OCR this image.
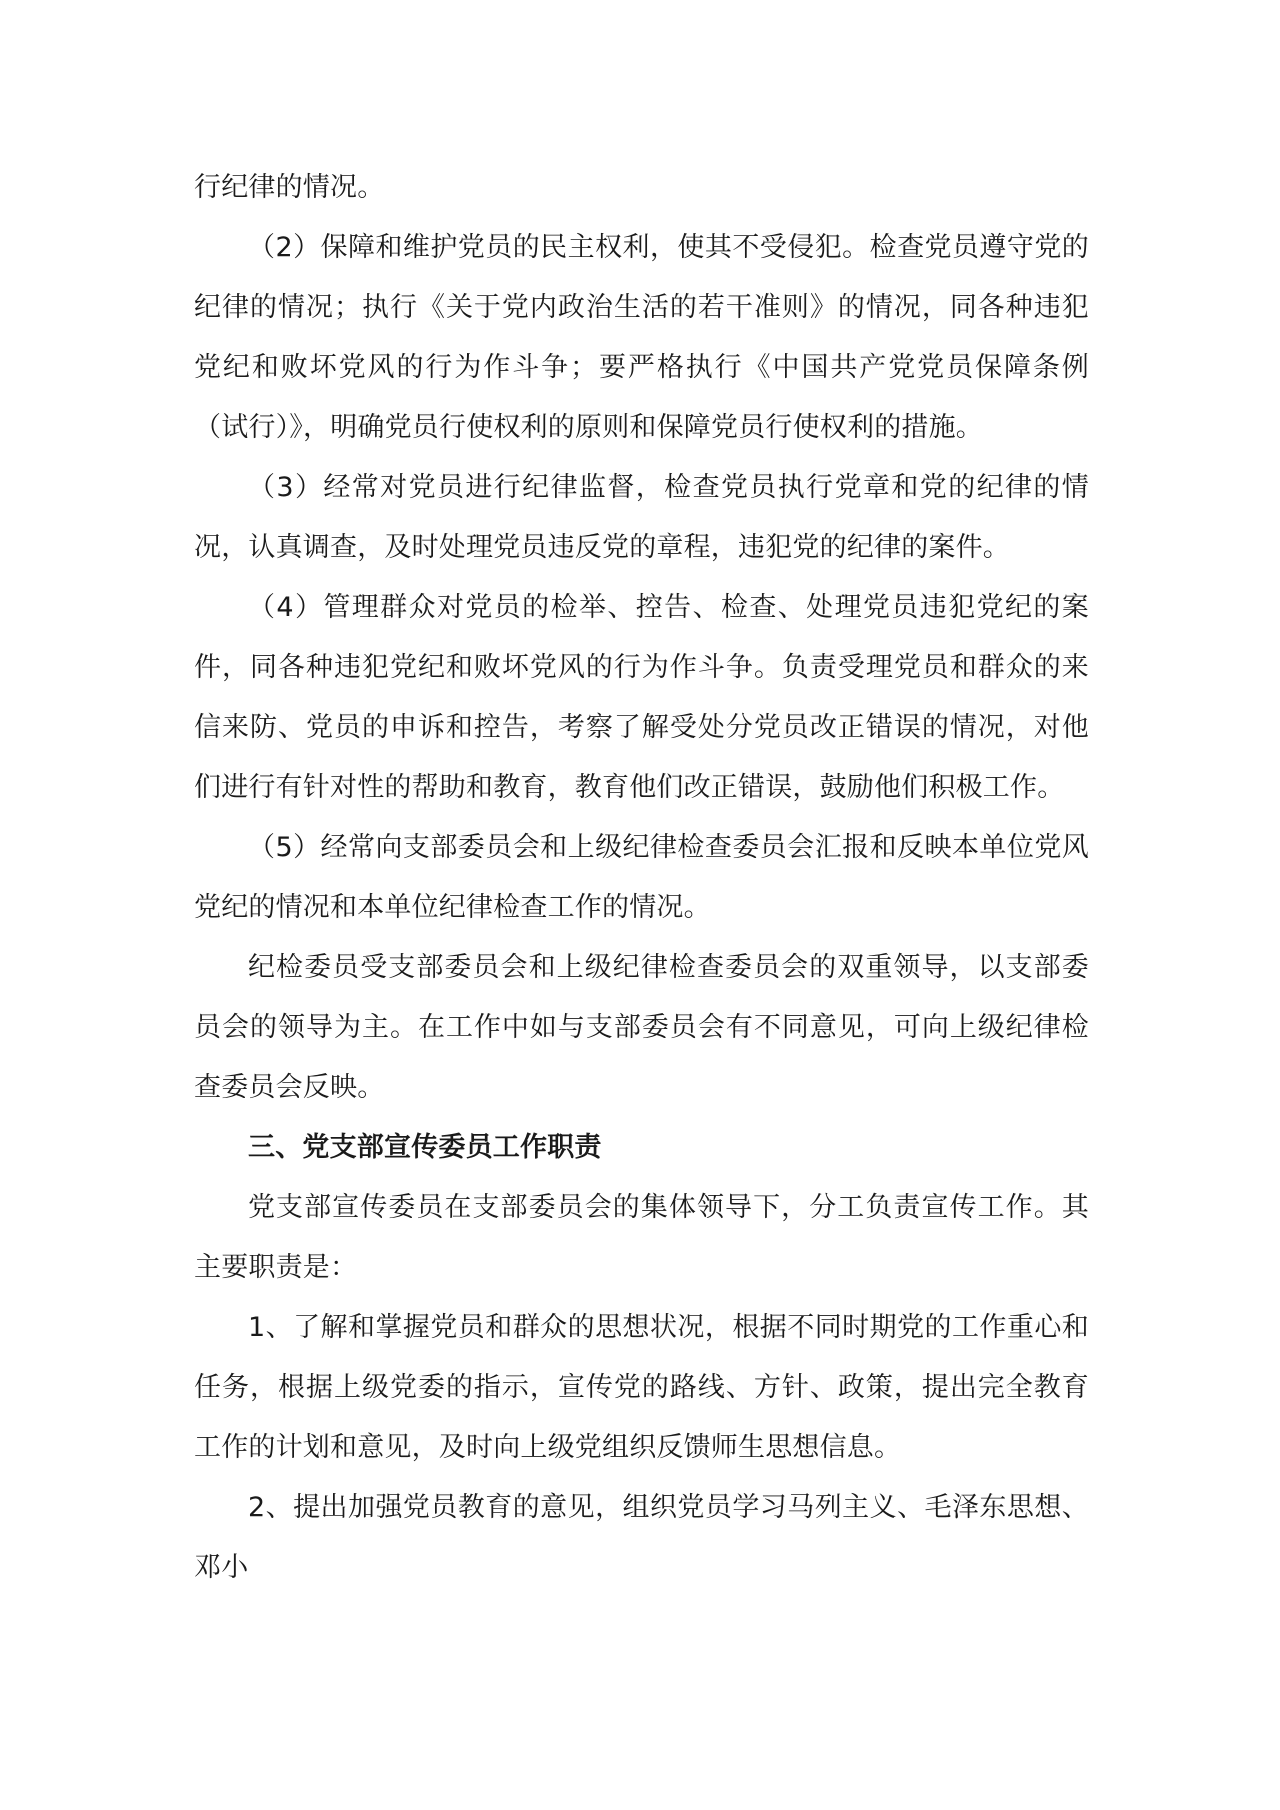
行纪律的情况。

（2）保障和维护党员的民主权利，使其不受侵犯。检查党员遵守党的纪律的情况；执行《关于党内政治生活的若干准则》的情况，同各种违犯党纪和败坏党风的行为作斗争；要严格执行《中国共产党党员保障条例（试行）》，明确党员行使权利的原则和保障党员行使权利的措施。

（3）经常对党员进行纪律监督，检查党员执行党章和党的纪律的情况，认真调查，及时处理党员违反党的章程，违犯党的纪律的案件。

（4）管理群众对党员的检举、控告、检查、处理党员违犯党纪的案件，同各种违犯党纪和败坏党风的行为作斗争。负责受理党员和群众的来信来防、党员的申诉和控告，考察了解受处分党员改正错误的情况，对他们进行有针对性的帮助和教育，教育他们改正错误，鼓励他们积极工作。

（5）经常向支部委员会和上级纪律检查委员会汇报和反映本单位党风党纪的情况和本单位纪律检查工作的情况。

纪检委员受支部委员会和上级纪律检查委员会的双重领导，以支部委员会的领导为主。在工作中如与支部委员会有不同意见，可向上级纪律检查委员会反映。

三、党支部宣传委员工作职责

党支部宣传委员在支部委员会的集体领导下，分工负责宣传工作。其主要职责是：

1、了解和掌握党员和群众的思想状况，根据不同时期党的工作重心和任务，根据上级党委的指示，宣传党的路线、方针、政策，提出完全教育工作的计划和意见，及时向上级党组织反馈师生思想信息。

2、提出加强党员教育的意见，组织党员学习马列主义、毛泽东思想、邓小
